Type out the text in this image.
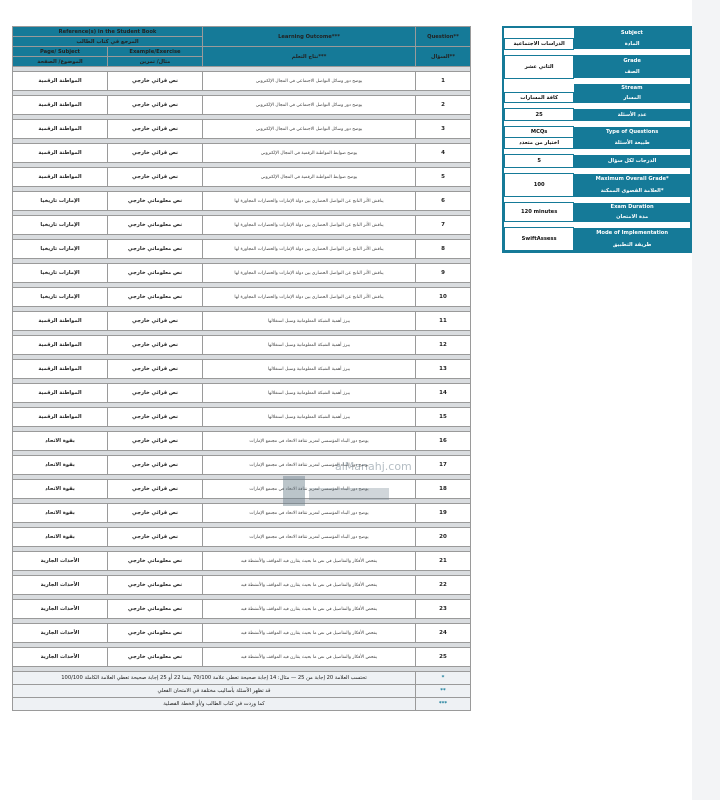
Reference(s) in the Student Book		Learning Outcome***	Question**
المرجع في كتاب الطالب			
Page/ Subject	Example/Exercise	نتاج التعلم***	السؤال**
الموضوع/ الصفحة	مثال/ تمرين		

المواطنة الرقمية	نص قرائي خارجي	يوضح دور وسائل التواصل الاجتماعي في المجال الإلكتروني	1

المواطنة الرقمية	نص قرائي خارجي	يوضح دور وسائل التواصل الاجتماعي في المجال الإلكتروني	2

المواطنة الرقمية	نص قرائي خارجي	يوضح دور وسائل التواصل الاجتماعي في المجال الإلكتروني	3

المواطنة الرقمية	نص قرائي خارجي	يوضح ضوابط المواطنة الرقمية في المجال الإلكتروني	4

المواطنة الرقمية	نص قرائي خارجي	يوضح ضوابط المواطنة الرقمية في المجال الإلكتروني	5

الإمارات تاريخيا	نص معلوماتي خارجي	يناقش الأثر الناتج عن التواصل الحضاري بين دولة الإمارات والحضارات المجاورة لها	6

الإمارات تاريخيا	نص معلوماتي خارجي	يناقش الأثر الناتج عن التواصل الحضاري بين دولة الإمارات والحضارات المجاورة لها	7

الإمارات تاريخيا	نص معلوماتي خارجي	يناقش الأثر الناتج عن التواصل الحضاري بين دولة الإمارات والحضارات المجاورة لها	8

الإمارات تاريخيا	نص معلوماتي خارجي	يناقش الأثر الناتج عن التواصل الحضاري بين دولة الإمارات والحضارات المجاورة لها	9

الإمارات تاريخيا	نص معلوماتي خارجي	يناقش الأثر الناتج عن التواصل الحضاري بين دولة الإمارات والحضارات المجاورة لها	10

المواطنة الرقمية	نص قرائي خارجي	يبرز أهمية الشبكة المعلوماتية وسبل استغلالها	11

المواطنة الرقمية	نص قرائي خارجي	يبرز أهمية الشبكة المعلوماتية وسبل استغلالها	12

المواطنة الرقمية	نص قرائي خارجي	يبرز أهمية الشبكة المعلوماتية وسبل استغلالها	13

المواطنة الرقمية	نص قرائي خارجي	يبرز أهمية الشبكة المعلوماتية وسبل استغلالها	14

المواطنة الرقمية	نص قرائي خارجي	يبرز أهمية الشبكة المعلوماتية وسبل استغلالها	15

بقوة الاتحاد	نص قرائي خارجي	يوضح دور البناء المؤسسي لتعزيز ثقافة الاتحاد في مجتمع الإمارات	16

بقوة الاتحاد	نص قرائي خارجي	يوضح دور البناء المؤسسي لتعزيز ثقافة الاتحاد في مجتمع الإمارات	17

بقوة الاتحاد	نص قرائي خارجي	يوضح دور البناء المؤسسي لتعزيز ثقافة الاتحاد في مجتمع الإمارات	18

بقوة الاتحاد	نص قرائي خارجي	يوضح دور البناء المؤسسي لتعزيز ثقافة الاتحاد في مجتمع الإمارات	19

بقوة الاتحاد	نص قرائي خارجي	يوضح دور البناء المؤسسي لتعزيز ثقافة الاتحاد في مجتمع الإمارات	20

الأحداث الجارية	نص معلوماتي خارجي	يفحص الأفكار والتفاصيل في نص ما بحيث يقارن فيه المواقف والأنشطة فيه	21

الأحداث الجارية	نص معلوماتي خارجي	يفحص الأفكار والتفاصيل في نص ما بحيث يقارن فيه المواقف والأنشطة فيه	22

الأحداث الجارية	نص معلوماتي خارجي	يفحص الأفكار والتفاصيل في نص ما بحيث يقارن فيه المواقف والأنشطة فيه	23

الأحداث الجارية	نص معلوماتي خارجي	يفحص الأفكار والتفاصيل في نص ما بحيث يقارن فيه المواقف والأنشطة فيه	24

الأحداث الجارية	نص معلوماتي خارجي	يفحص الأفكار والتفاصيل في نص ما بحيث يقارن فيه المواقف والأنشطة فيه	25

تحتسب العلامة 20 إجابة من 25 — مثال: 14 إجابة صحيحة تعطي علامة 70/100 بينما 22 أو 25 إجابة صحيحة تعطي العلامة الكاملة 100/100			*
قد تظهر الأسئلة بأساليب مختلفة في الامتحان الفعلي			**
كما وردت في كتاب الطالب و/أو الخطة الفصلية			***
	Subject
الدراسات الاجتماعية	المادة

الثاني عشر	Grade
	الصف

	Stream
كافة المسارات	المسار

25	عدد الأسئلة

MCQs	Type of Questions
اختيار من متعدد	طبيعة الأسئلة

5	الدرجات لكل سؤال

100	Maximum Overall Grade*
	العلامة القصوى الممكنة*

120 minutes	Exam Duration
	مدة الامتحان

SwiftAssess	Mode of Implementation
	طريقة التطبيق
alManahj.com
